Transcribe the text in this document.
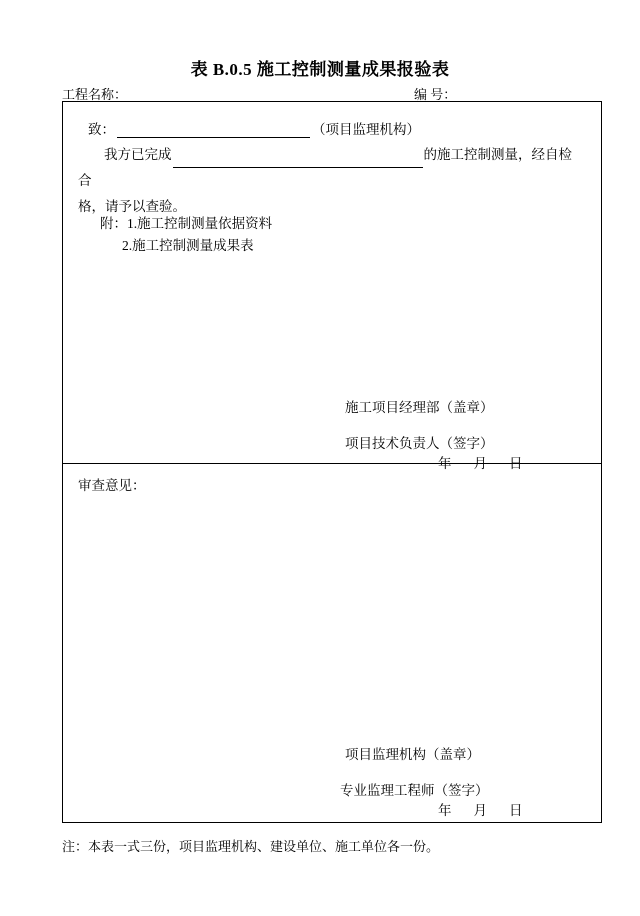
表 B.0.5 施工控制测量成果报验表
工程名称：	编 号：
致：	（项目监理机构）
我方已完成	的施工控制测量，经自检合
格，请予以查验。
附：1.施工控制测量依据资料
2.施工控制测量成果表
施工项目经理部（盖章）
项目技术负责人（签字）
年 月 日
审查意见：
项目监理机构（盖章）
专业监理工程师（签字）
年 月 日
注：本表一式三份，项目监理机构、建设单位、施工单位各一份。
